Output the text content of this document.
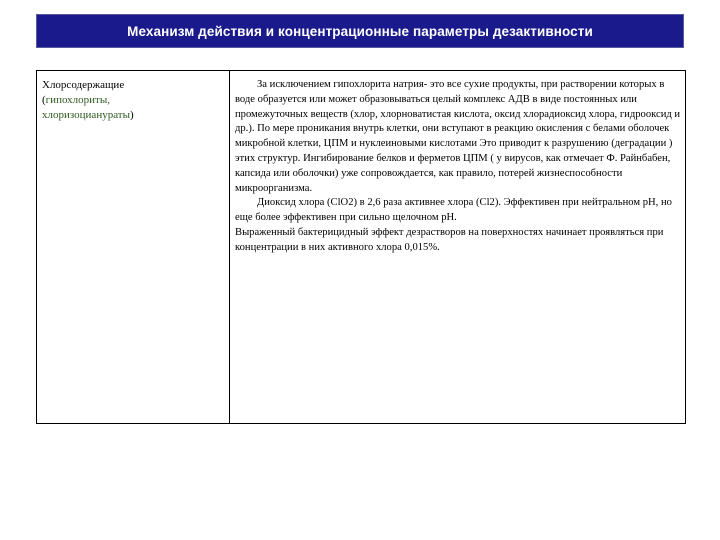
Механизм действия и концентрационные параметры дезактивности
Хлорсодержащие
(гипохлориты,
хлоризоцианураты)

За исключением гипохлорита натрия- это все сухие продукты, при растворении которых в воде образуется или может образовываться целый комплекс АДВ в виде постоянных или промежуточных веществ (хлор, хлорноватистая кислота, оксид хлорадиоксид хлора, гидрооксид и др.). По мере проникания внутрь клетки, они вступают в реакцию окисления с белами оболочек микробной клетки, ЦПМ и нуклеиновыми кислотами Это приводит к разрушению (деградации ) этих структур. Ингибирование белков и ферметов ЦПМ ( у вирусов, как отмечает Ф. Райнбабен, капсида или оболочки) уже сопровождается, как правило, потерей жизнеспособности микроорганизма.

Диоксид хлора (ClO2) в 2,6 раза активнее хлора (Cl2). Эффективен при нейтральном рН, но еще более эффективен при сильно щелочном рН.

Выраженный бактерицидный эффект дезрастворов на поверхностях начинает проявляться при концентрации в них активного хлора 0,015%.
